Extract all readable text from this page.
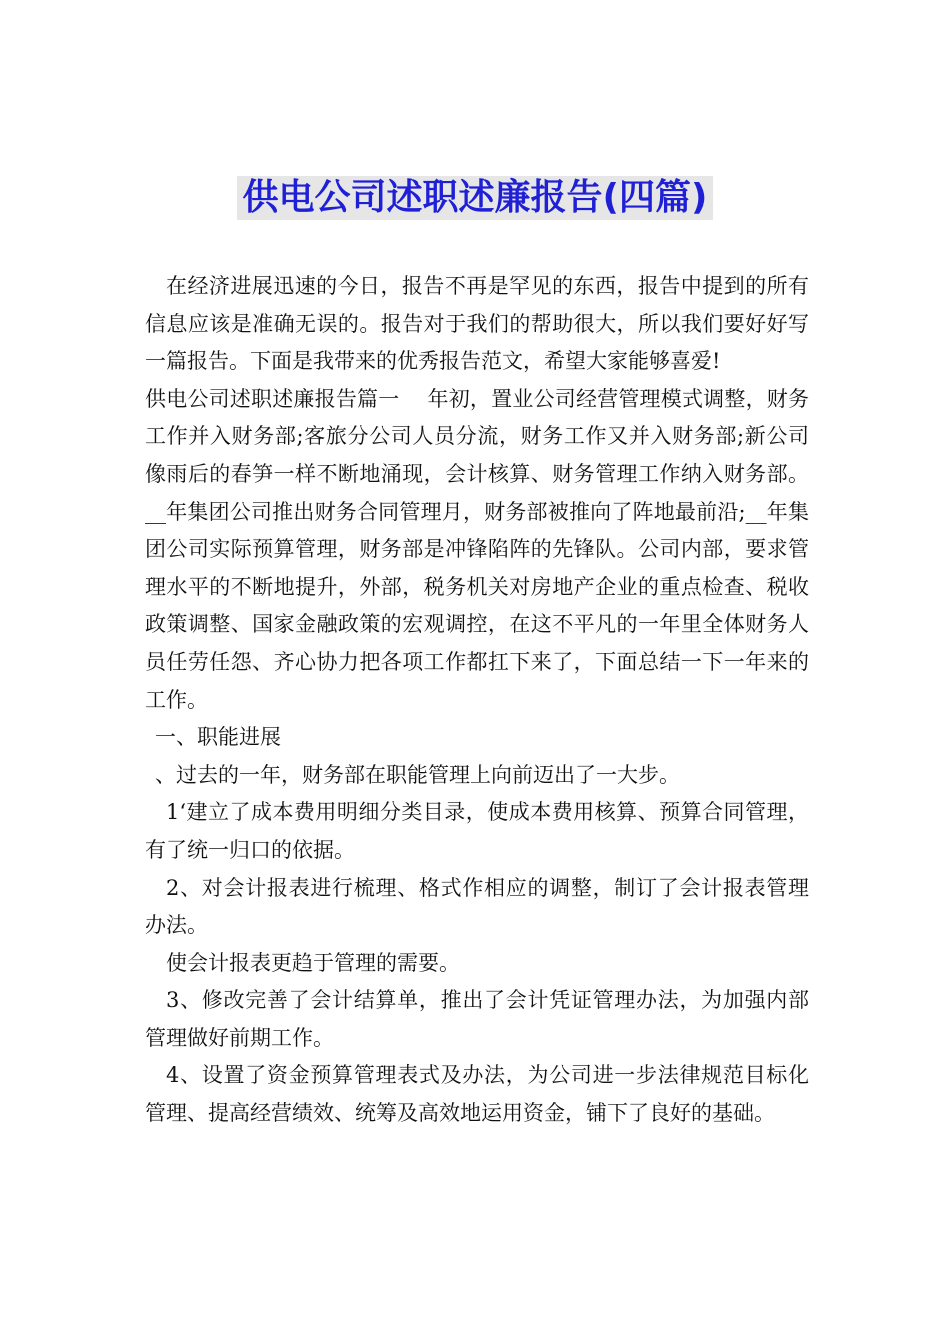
供电公司述职述廉报告(四篇)

在经济进展迅速的今日，报告不再是罕见的东西，报告中提到的所有信息应该是准确无误的。报告对于我们的帮助很大，所以我们要好好写一篇报告。下面是我带来的优秀报告范文，希望大家能够喜爱!

供电公司述职述廉报告篇一　 年初，置业公司经营管理模式调整，财务工作并入财务部;客旅分公司人员分流，财务工作又并入财务部;新公司像雨后的春笋一样不断地涌现，会计核算、财务管理工作纳入财务部。__年集团公司推出财务合同管理月，财务部被推向了阵地最前沿;__年集团公司实际预算管理，财务部是冲锋陷阵的先锋队。公司内部，要求管理水平的不断地提升，外部，税务机关对房地产企业的重点检查、税收政策调整、国家金融政策的宏观调控，在这不平凡的一年里全体财务人员任劳任怨、齐心协力把各项工作都扛下来了，下面总结一下一年来的工作。

一、职能进展

、过去的一年，财务部在职能管理上向前迈出了一大步。

1‘建立了成本费用明细分类目录，使成本费用核算、预算合同管理，有了统一归口的依据。

2、对会计报表进行梳理、格式作相应的调整，制订了会计报表管理办法。

使会计报表更趋于管理的需要。

3、修改完善了会计结算单，推出了会计凭证管理办法，为加强内部管理做好前期工作。

4、设置了资金预算管理表式及办法，为公司进一步法律规范目标化管理、提高经营绩效、统筹及高效地运用资金，铺下了良好的基础。
